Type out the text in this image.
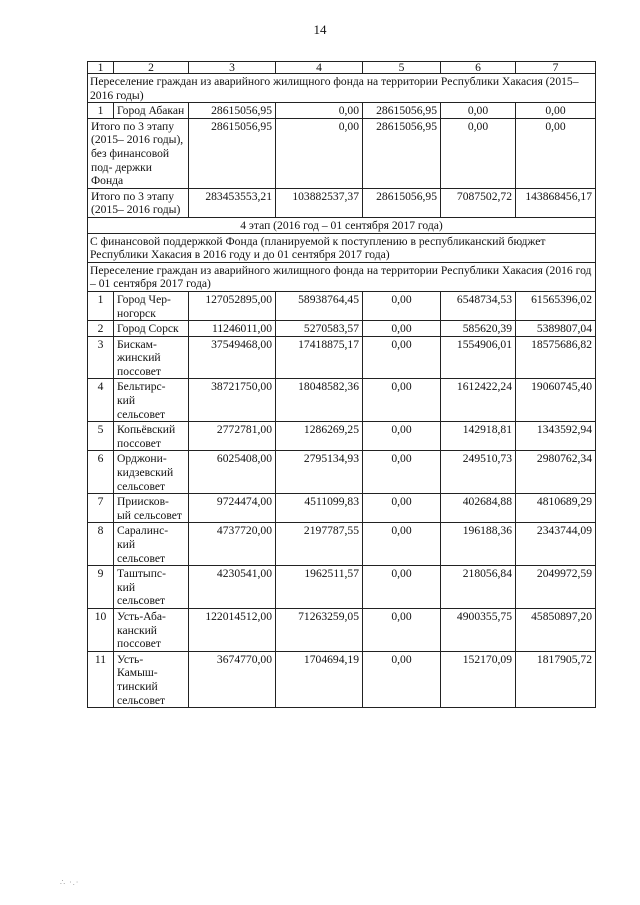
14
1	2	3	4	5	6	7
Переселение граждан из аварийного жилищного фонда на территории Республики Хакасия (2015–2016 годы)						
1	Город Абакан	28615056,95	0,00	28615056,95	0,00	0,00
Итого по 3 этапу (2015– 2016 годы), без финансовой под- держки Фонда		28615056,95	0,00	28615056,95	0,00	0,00
Итого по 3 этапу (2015– 2016 годы)		283453553,21	103882537,37	28615056,95	7087502,72	143868456,17
4 этап (2016 год – 01 сентября 2017 года)						
С финансовой поддержкой Фонда (планируемой к поступлению в республиканский бюджет Республики Хакасия в 2016 году и до 01 сентября 2017 года)						
Переселение граждан из аварийного жилищного фонда на территории Республики Хакасия (2016 год – 01 сентября 2017 года)						
1	Город Чер- ногорск	127052895,00	58938764,45	0,00	6548734,53	61565396,02
2	Город Сорск	11246011,00	5270583,57	0,00	585620,39	5389807,04
3	Бискам- жинский поссовет	37549468,00	17418875,17	0,00	1554906,01	18575686,82
4	Бельтирс- кий сельсовет	38721750,00	18048582,36	0,00	1612422,24	19060745,40
5	Копьёвский поссовет	2772781,00	1286269,25	0,00	142918,81	1343592,94
6	Орджони- кидзевский сельсовет	6025408,00	2795134,93	0,00	249510,73	2980762,34
7	Приисков- ый сельсовет	9724474,00	4511099,83	0,00	402684,88	4810689,29
8	Саралинс- кий сельсовет	4737720,00	2197787,55	0,00	196188,36	2343744,09
9	Таштыпс- кий сельсовет	4230541,00	1962511,57	0,00	218056,84	2049972,59
10	Усть-Аба- канский поссовет	122014512,00	71263259,05	0,00	4900355,75	45850897,20
11	Усть- Камыш- тинский сельсовет	3674770,00	1704694,19	0,00	152170,09	1817905,72
∴ ·.·
